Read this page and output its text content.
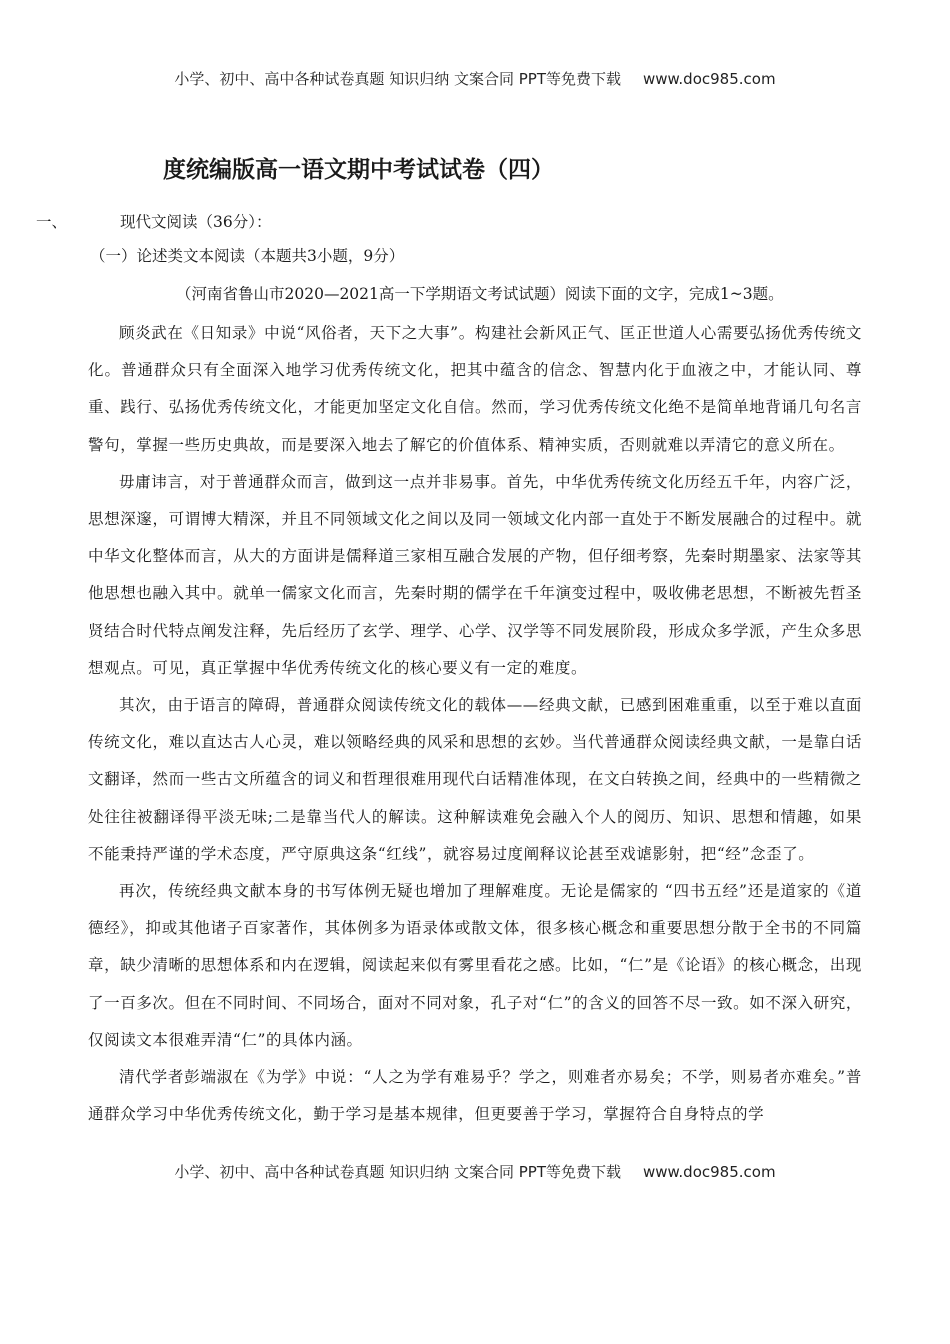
小学、初中、高中各种试卷真题 知识归纳 文案合同 PPT等免费下载 www.doc985.com
度统编版高一语文期中考试试卷（四）
一、	现代文阅读（36分）：
（一）论述类文本阅读（本题共3小题，9分）
（河南省鲁山市2020—2021高一下学期语文考试试题）阅读下面的文字，完成1~3题。

顾炎武在《日知录》中说“风俗者，天下之大事”。构建社会新风正气、匡正世道人心需要弘扬优秀传统文化。普通群众只有全面深入地学习优秀传统文化，把其中蕴含的信念、智慧内化于血液之中，才能认同、尊重、践行、弘扬优秀传统文化，才能更加坚定文化自信。然而，学习优秀传统文化绝不是简单地背诵几句名言警句，掌握一些历史典故，而是要深入地去了解它的价值体系、精神实质，否则就难以弄清它的意义所在。

毋庸讳言，对于普通群众而言，做到这一点并非易事。首先，中华优秀传统文化历经五千年，内容广泛，思想深邃，可谓博大精深，并且不同领域文化之间以及同一领域文化内部一直处于不断发展融合的过程中。就中华文化整体而言，从大的方面讲是儒释道三家相互融合发展的产物，但仔细考察，先秦时期墨家、法家等其他思想也融入其中。就单一儒家文化而言，先秦时期的儒学在千年演变过程中，吸收佛老思想，不断被先哲圣贤结合时代特点阐发注释，先后经历了玄学、理学、心学、汉学等不同发展阶段，形成众多学派，产生众多思想观点。可见，真正掌握中华优秀传统文化的核心要义有一定的难度。

其次，由于语言的障碍，普通群众阅读传统文化的载体——经典文献，已感到困难重重，以至于难以直面传统文化，难以直达古人心灵，难以领略经典的风采和思想的玄妙。当代普通群众阅读经典文献，一是靠白话文翻译，然而一些古文所蕴含的词义和哲理很难用现代白话精准体现，在文白转换之间，经典中的一些精微之处往往被翻译得平淡无味;二是靠当代人的解读。这种解读难免会融入个人的阅历、知识、思想和情趣，如果不能秉持严谨的学术态度，严守原典这条“红线”，就容易过度阐释议论甚至戏谑影射，把“经”念歪了。

再次，传统经典文献本身的书写体例无疑也增加了理解难度。无论是儒家的 “四书五经”还是道家的《道德经》，抑或其他诸子百家著作，其体例多为语录体或散文体，很多核心概念和重要思想分散于全书的不同篇章，缺少清晰的思想体系和内在逻辑，阅读起来似有雾里看花之感。比如，“仁”是《论语》的核心概念，出现了一百多次。但在不同时间、不同场合，面对不同对象，孔子对“仁”的含义的回答不尽一致。如不深入研究，仅阅读文本很难弄清“仁”的具体内涵。

清代学者彭端淑在《为学》中说：“人之为学有难易乎？学之，则难者亦易矣；不学，则易者亦难矣。”普通群众学习中华优秀传统文化，勤于学习是基本规律，但更要善于学习，掌握符合自身特点的学

小学、初中、高中各种试卷真题 知识归纳 文案合同 PPT等免费下载 www.doc985.com
